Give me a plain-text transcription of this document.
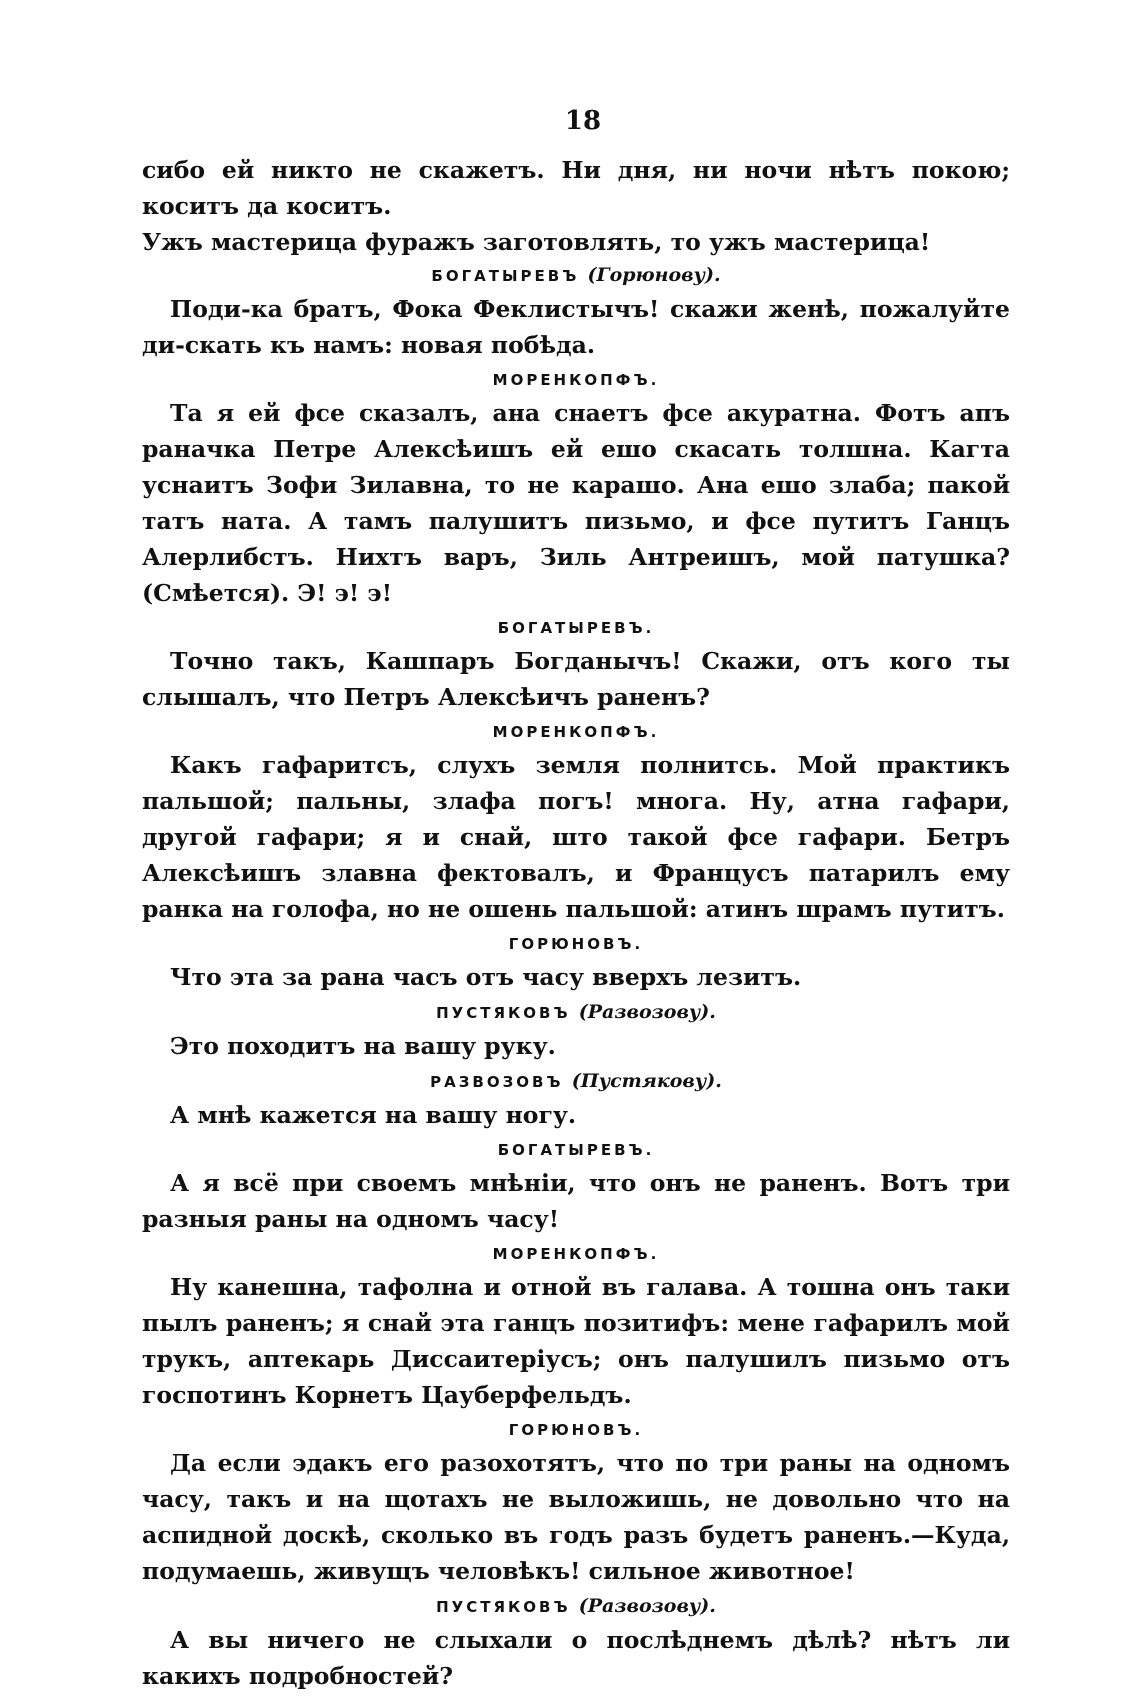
18

сибо ей никто не скажетъ. Ни дня, ни ночи нѣтъ покою; коситъ да коситъ.

Ужъ мастерица фуражъ заготовлять, то ужъ мастерица!

БОГАТЫРЕВЪ (Горюнову).

Поди-ка братъ, Фока Феклистычъ! скажи женѣ, пожалуйте ди-скать къ намъ: новая побѣда.

МОРЕНКОПФЪ.

Та я ей фсе сказалъ, ана снаетъ фсе акуратна. Фотъ апъ раначка Петре Алексѣишъ ей ешо скасать толшна. Кагта уснаитъ Зофи Зилавна, то не карашо. Ана ешо злаба; пакой татъ ната. А тамъ палушитъ пизьмо, и фсе путитъ Ганцъ Алерлибстъ. Нихтъ варъ, Зиль Антреишъ, мой патушка? (Смѣется). Э! э! э!

БОГАТЫРЕВЪ.

Точно такъ, Кашпаръ Богданычъ! Скажи, отъ кого ты слышалъ, что Петръ Алексѣичъ раненъ?

МОРЕНКОПФЪ.

Какъ гафаритсъ, слухъ земля полнитсь. Мой практикъ пальшой; пальны, злафа погъ! многа. Ну, атна гафари, другой гафари; я и снай, што такой фсе гафари. Бетръ Алексѣишъ злавна фектовалъ, и Францусъ патарилъ ему ранка на голофа, но не ошень пальшой: атинъ шрамъ путитъ.

ГОРЮНОВЪ.

Что эта за рана часъ отъ часу вверхъ лезитъ.

ПУСТЯКОВЪ (Развозову).

Это походитъ на вашу руку.

РАЗВОЗОВЪ (Пустякову).

А мнѣ кажется на вашу ногу.

БОГАТЫРЕВЪ.

А я всё при своемъ мнѣніи, что онъ не раненъ. Вотъ три разныя раны на одномъ часу!

МОРЕНКОПФЪ.

Ну канешна, тафолна и отной въ галава. А тошна онъ таки пылъ раненъ; я снай эта ганцъ позитифъ: мене гафарилъ мой трукъ, аптекарь Диссаитеріусъ; онъ палушилъ пизьмо отъ госпотинъ Корнетъ Цауберфельдъ.

ГОРЮНОВЪ.

Да если эдакъ его разохотятъ, что по три раны на одномъ часу, такъ и на щотахъ не выложишь, не довольно что на аспидной доскѣ, сколько въ годъ разъ будетъ раненъ.—Куда, подумаешь, живущъ человѣкъ! сильное животное!

ПУСТЯКОВЪ (Развозову).

А вы ничего не слыхали о послѣднемъ дѣлѣ? нѣтъ ли какихъ подробностей?
